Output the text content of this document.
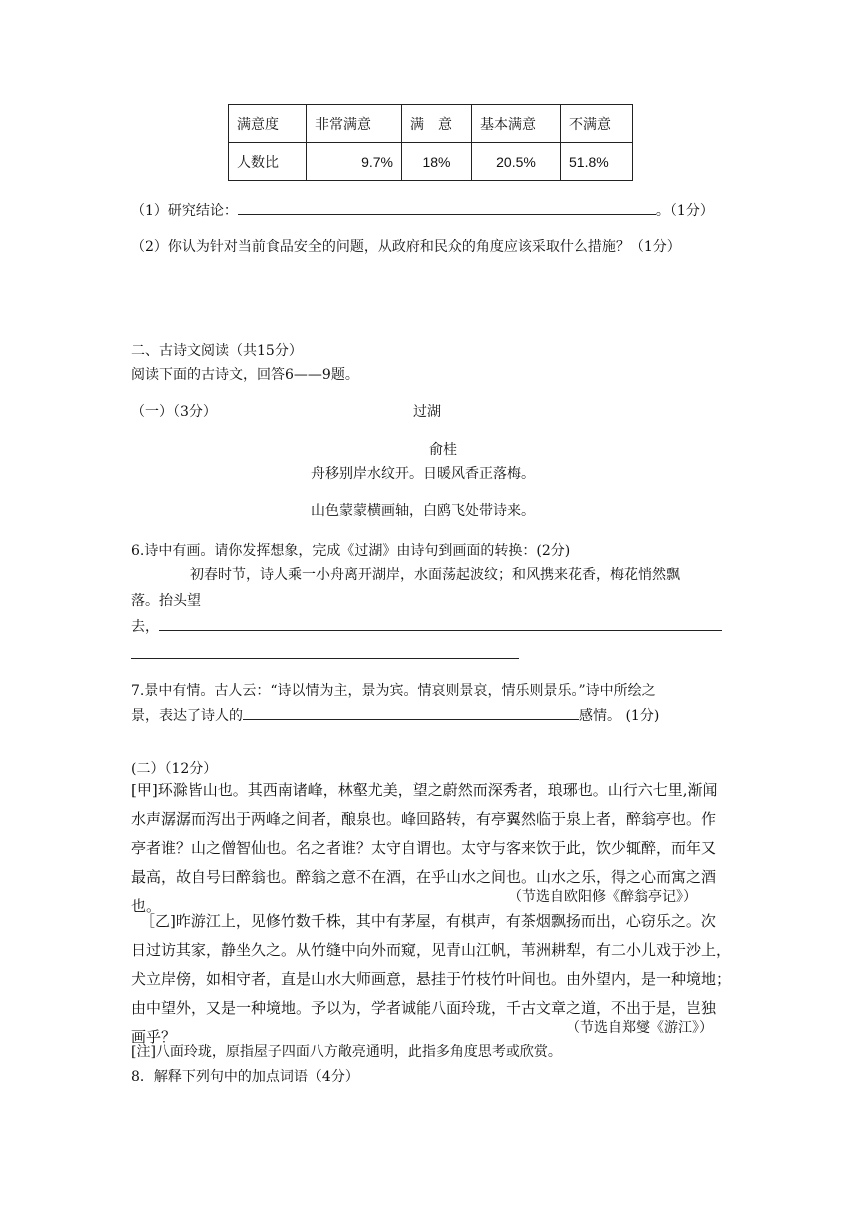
满意度	非常满意	满　意	基本满意	不满意
人数比	9.7%	18%	20.5%	51.8%
（1）研究结论：	。（1分）
（2）你认为针对当前食品安全的问题，从政府和民众的角度应该采取什么措施？（1分）
二、古诗文阅读（共15分）
阅读下面的古诗文，回答6——9题。
（一）（3分）	过湖
俞桂
舟移别岸水纹开。日暖风香正落梅。
山色蒙蒙横画轴，白鸥飞处带诗来。
6.诗中有画。请你发挥想象，完成《过湖》由诗句到画面的转换：(2分)
初春时节，诗人乘一小舟离开湖岸，水面荡起波纹；和风携来花香，梅花悄然飘
落。抬头望
去，
7.景中有情。古人云：“诗以情为主，景为宾。情哀则景哀，情乐则景乐。”诗中所绘之
景，表达了诗人的	感情。 (1分)
(二）（12分）

[甲]环滁皆山也。其西南诸峰，林壑尤美，望之蔚然而深秀者，琅琊也。山行六七里,渐闻

水声潺潺而泻出于两峰之间者，酿泉也。峰回路转，有亭翼然临于泉上者，醉翁亭也。作

亭者谁？山之僧智仙也。名之者谁？太守自谓也。太守与客来饮于此，饮少辄醉，而年又

最高，故自号曰醉翁也。醉翁之意不在酒，在乎山水之间也。山水之乐，得之心而寓之酒

也。	（节选自欧阳修《醉翁亭记》）

［乙]昨游江上，见修竹数千株，其中有茅屋，有棋声，有茶烟飘扬而出，心窃乐之。次

日过访其家，静坐久之。从竹缝中向外而窥，见青山江帆，苇洲耕犁，有二小儿戏于沙上，

犬立岸傍，如相守者，直是山水大师画意，悬挂于竹枝竹叶间也。由外望内，是一种境地；

由中望外，又是一种境地。予以为，学者诚能八面玲珑，千古文章之道，不出于是，岂独

画乎？	（节选自郑燮《游江》）
[注]八面玲珑，原指屋子四面八方敞亮通明，此指多角度思考或欣赏。
8．解释下列句中的加点词语（4分）
